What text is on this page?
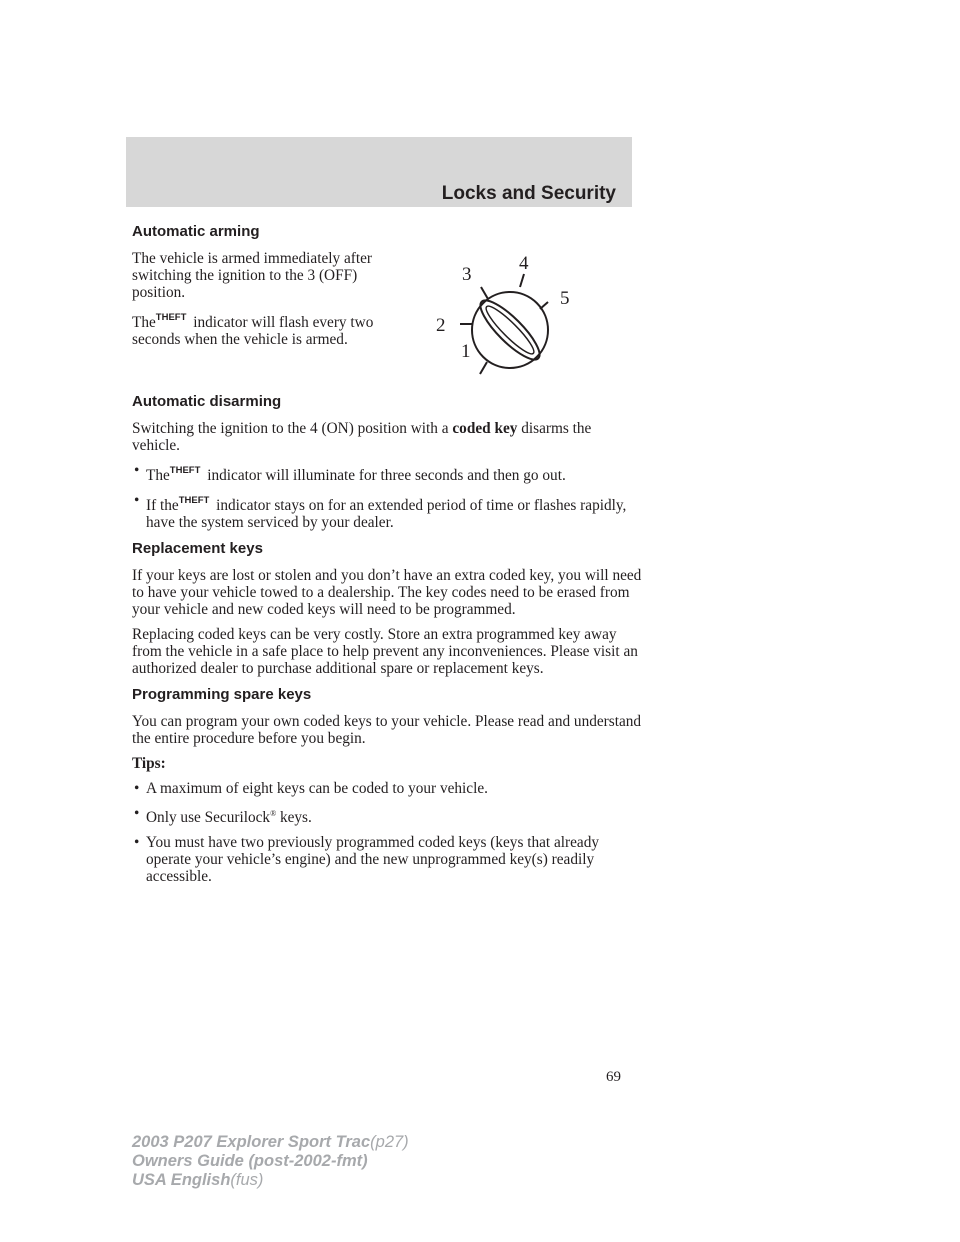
Locks and Security
Automatic arming

The vehicle is armed immediately after switching the ignition to the 3 (OFF) position.

The$^{THEFT}$ indicator will flash every two seconds when the vehicle is armed.

Automatic disarming

Switching the ignition to the 4 (ON) position with a coded key disarms the vehicle.

• The$^{THEFT}$ indicator will illuminate for three seconds and then go out.
• If the$^{THEFT}$ indicator stays on for an extended period of time or flashes rapidly, have the system serviced by your dealer.
Replacement keys

If your keys are lost or stolen and you don’t have an extra coded key, you will need to have your vehicle towed to a dealership. The key codes need to be erased from your vehicle and new coded keys will need to be programmed.

Replacing coded keys can be very costly. Store an extra programmed key away from the vehicle in a safe place to help prevent any inconveniences. Please visit an authorized dealer to purchase additional spare or replacement keys.

Programming spare keys

You can program your own coded keys to your vehicle. Please read and understand the entire procedure before you begin.

Tips:

• A maximum of eight keys can be coded to your vehicle.
• Only use Securilock® keys.
• You must have two previously programmed coded keys (keys that already operate your vehicle’s engine) and the new unprogrammed key(s) readily accessible.
1
2
3
4
5

69

2003 P207 Explorer Sport Trac(p27)
Owners Guide (post-2002-fmt)
USA English(fus)
